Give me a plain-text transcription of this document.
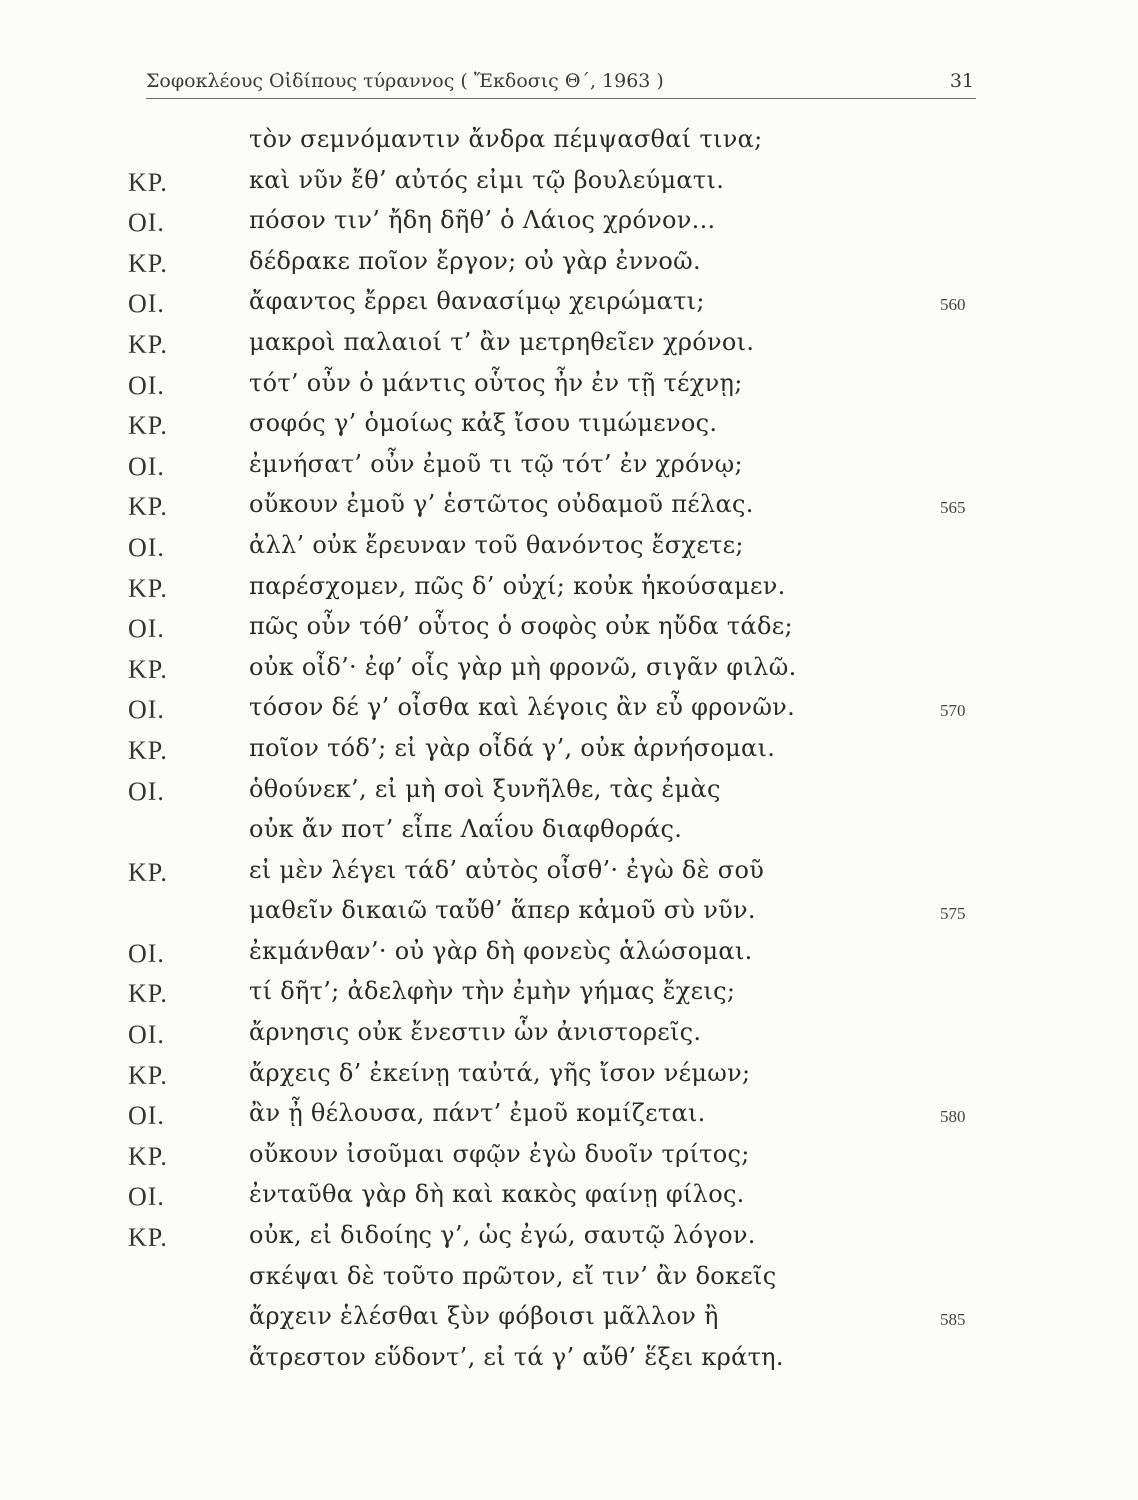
Σοφοκλέους Οἰδίπους τύραννος ( Ἔκδοσις Θ΄, 1963 )	31
τὸν σεμνόμαντιν ἄνδρα πέμψασθαί τινα;
ΚΡ.	καὶ νῦν ἔθ’ αὐτός εἰμι τῷ βουλεύματι.
ΟΙ.	πόσον τιν’ ἤδη δῆθ’ ὁ Λάιος χρόνον...
ΚΡ.	δέδρακε ποῖον ἔργον; οὐ γὰρ ἐννοῶ.
ΟΙ.	ἄφαντος ἔρρει θανασίμῳ χειρώματι;	560
ΚΡ.	μακροὶ παλαιοί τ’ ἂν μετρηθεῖεν χρόνοι.
ΟΙ.	τότ’ οὖν ὁ μάντις οὗτος ἦν ἐν τῇ τέχνῃ;
ΚΡ.	σοφός γ’ ὁμοίως κἀξ ἴσου τιμώμενος.
ΟΙ.	ἐμνήσατ’ οὖν ἐμοῦ τι τῷ τότ’ ἐν χρόνῳ;
ΚΡ.	οὔκουν ἐμοῦ γ’ ἑστῶτος οὐδαμοῦ πέλας.	565
ΟΙ.	ἀλλ’ οὐκ ἔρευναν τοῦ θανόντος ἔσχετε;
ΚΡ.	παρέσχομεν, πῶς δ’ οὐχί; κοὐκ ἠκούσαμεν.
ΟΙ.	πῶς οὖν τόθ’ οὗτος ὁ σοφὸς οὐκ ηὔδα τάδε;
ΚΡ.	οὐκ οἶδ’· ἐφ’ οἷς γὰρ μὴ φρονῶ, σιγᾶν φιλῶ.
ΟΙ.	τόσον δέ γ’ οἶσθα καὶ λέγοις ἂν εὖ φρονῶν.	570
ΚΡ.	ποῖον τόδ’; εἰ γὰρ οἶδά γ’, οὐκ ἀρνήσομαι.
ΟΙ.	ὁθούνεκ’, εἰ μὴ σοὶ ξυνῆλθε, τὰς ἐμὰς
οὐκ ἄν ποτ’ εἶπε Λαΐου διαφθοράς.
ΚΡ.	εἰ μὲν λέγει τάδ’ αὐτὸς οἶσθ’· ἐγὼ δὲ σοῦ
μαθεῖν δικαιῶ ταὔθ’ ἅπερ κἀμοῦ σὺ νῦν.	575
ΟΙ.	ἐκμάνθαν’· οὐ γὰρ δὴ φονεὺς ἁλώσομαι.
ΚΡ.	τί δῆτ’; ἀδελφὴν τὴν ἐμὴν γήμας ἔχεις;
ΟΙ.	ἄρνησις οὐκ ἔνεστιν ὧν ἀνιστορεῖς.
ΚΡ.	ἄρχεις δ’ ἐκείνῃ ταὐτά, γῆς ἴσον νέμων;
ΟΙ.	ἂν ᾖ θέλουσα, πάντ’ ἐμοῦ κομίζεται.	580
ΚΡ.	οὔκουν ἰσοῦμαι σφῷν ἐγὼ δυοῖν τρίτος;
ΟΙ.	ἐνταῦθα γὰρ δὴ καὶ κακὸς φαίνῃ φίλος.
ΚΡ.	οὐκ, εἰ διδοίης γ’, ὡς ἐγώ, σαυτῷ λόγον.
σκέψαι δὲ τοῦτο πρῶτον, εἴ τιν’ ἂν δοκεῖς
ἄρχειν ἑλέσθαι ξὺν φόβοισι μᾶλλον ἢ	585
ἄτρεστον εὕδοντ’, εἰ τά γ’ αὔθ’ ἕξει κράτη.
